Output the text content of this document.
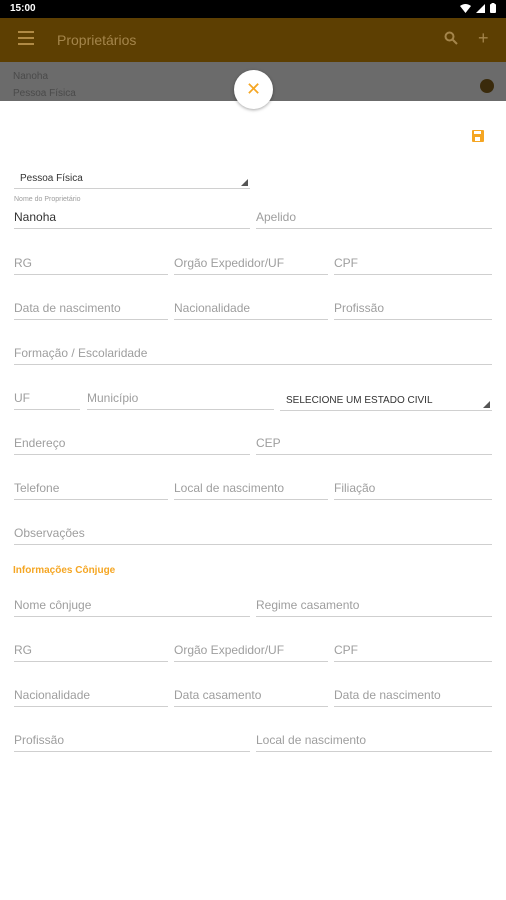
15:00
Proprietários	+
Nanoha
Pessoa Física	✕
Pessoa Física
Nome do Proprietário
Nanoha	Apelido
RG	Orgão Expedidor/UF	CPF
Data de nascimento	Nacionalidade	Profissão
Formação / Escolaridade
UF	Município	SELECIONE UM ESTADO CIVIL
Endereço	CEP
Telefone	Local de nascimento	Filiação
Observações
Informações Cônjuge
Nome cônjuge	Regime casamento
RG	Orgão Expedidor/UF	CPF
Nacionalidade	Data casamento	Data de nascimento
Profissão	Local de nascimento
